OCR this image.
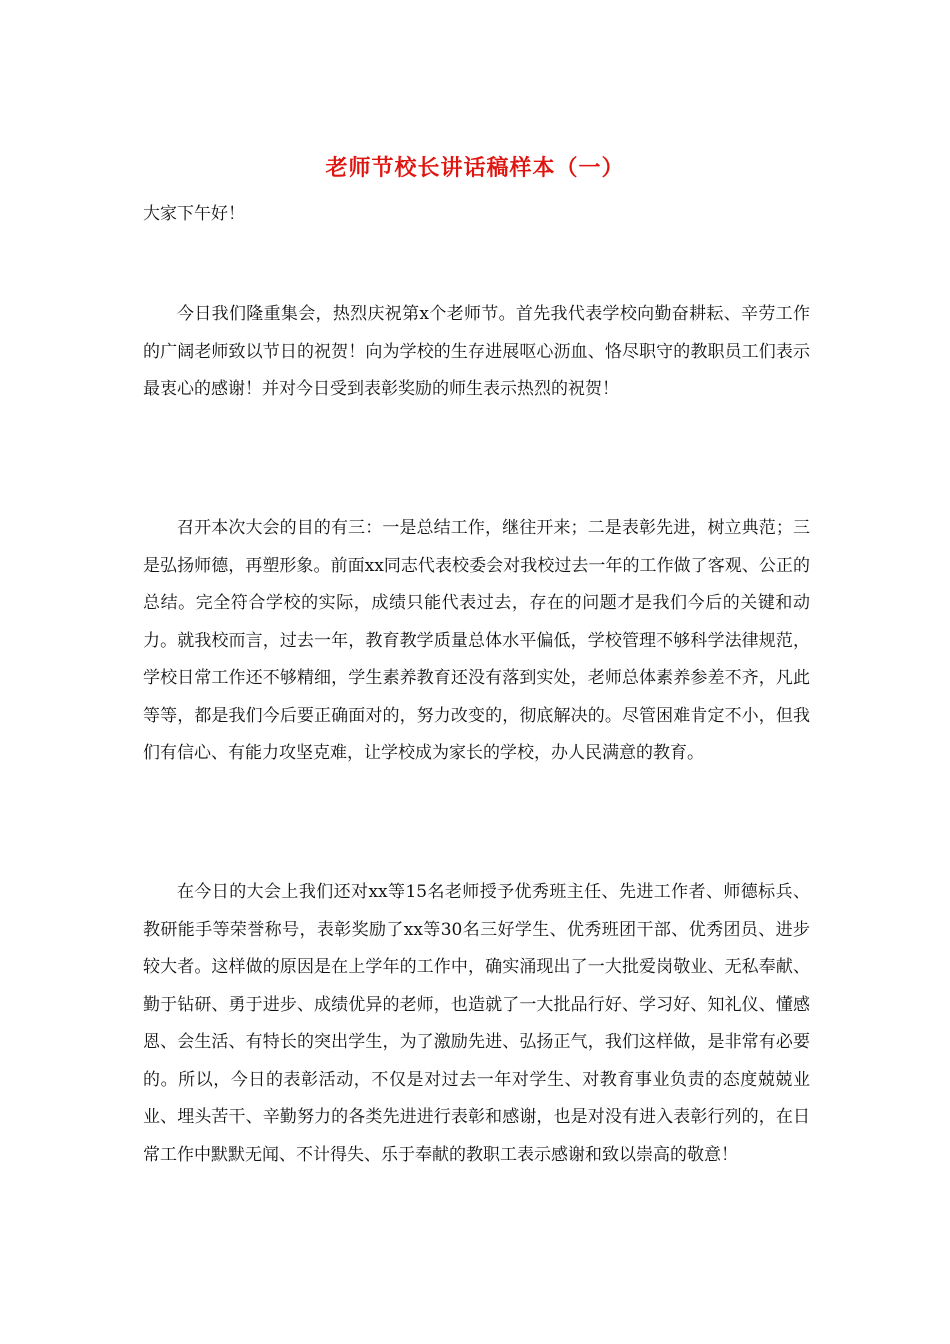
老师节校长讲话稿样本（一）
大家下午好！

今日我们隆重集会，热烈庆祝第x个老师节。首先我代表学校向勤奋耕耘、辛劳工作的广阔老师致以节日的祝贺！向为学校的生存进展呕心沥血、恪尽职守的教职员工们表示最衷心的感谢！并对今日受到表彰奖励的师生表示热烈的祝贺！

召开本次大会的目的有三：一是总结工作，继往开来；二是表彰先进，树立典范；三是弘扬师德，再塑形象。前面xx同志代表校委会对我校过去一年的工作做了客观、公正的总结。完全符合学校的实际，成绩只能代表过去，存在的问题才是我们今后的关键和动力。就我校而言，过去一年，教育教学质量总体水平偏低，学校管理不够科学法律规范，学校日常工作还不够精细，学生素养教育还没有落到实处，老师总体素养参差不齐，凡此等等，都是我们今后要正确面对的，努力改变的，彻底解决的。尽管困难肯定不小，但我们有信心、有能力攻坚克难，让学校成为家长的学校，办人民满意的教育。

在今日的大会上我们还对xx等15名老师授予优秀班主任、先进工作者、师德标兵、教研能手等荣誉称号，表彰奖励了xx等30名三好学生、优秀班团干部、优秀团员、进步较大者。这样做的原因是在上学年的工作中，确实涌现出了一大批爱岗敬业、无私奉献、勤于钻研、勇于进步、成绩优异的老师，也造就了一大批品行好、学习好、知礼仪、懂感恩、会生活、有特长的突出学生，为了激励先进、弘扬正气，我们这样做，是非常有必要的。所以，今日的表彰活动，不仅是对过去一年对学生、对教育事业负责的态度兢兢业业、埋头苦干、辛勤努力的各类先进进行表彰和感谢，也是对没有进入表彰行列的，在日常工作中默默无闻、不计得失、乐于奉献的教职工表示感谢和致以崇高的敬意！
